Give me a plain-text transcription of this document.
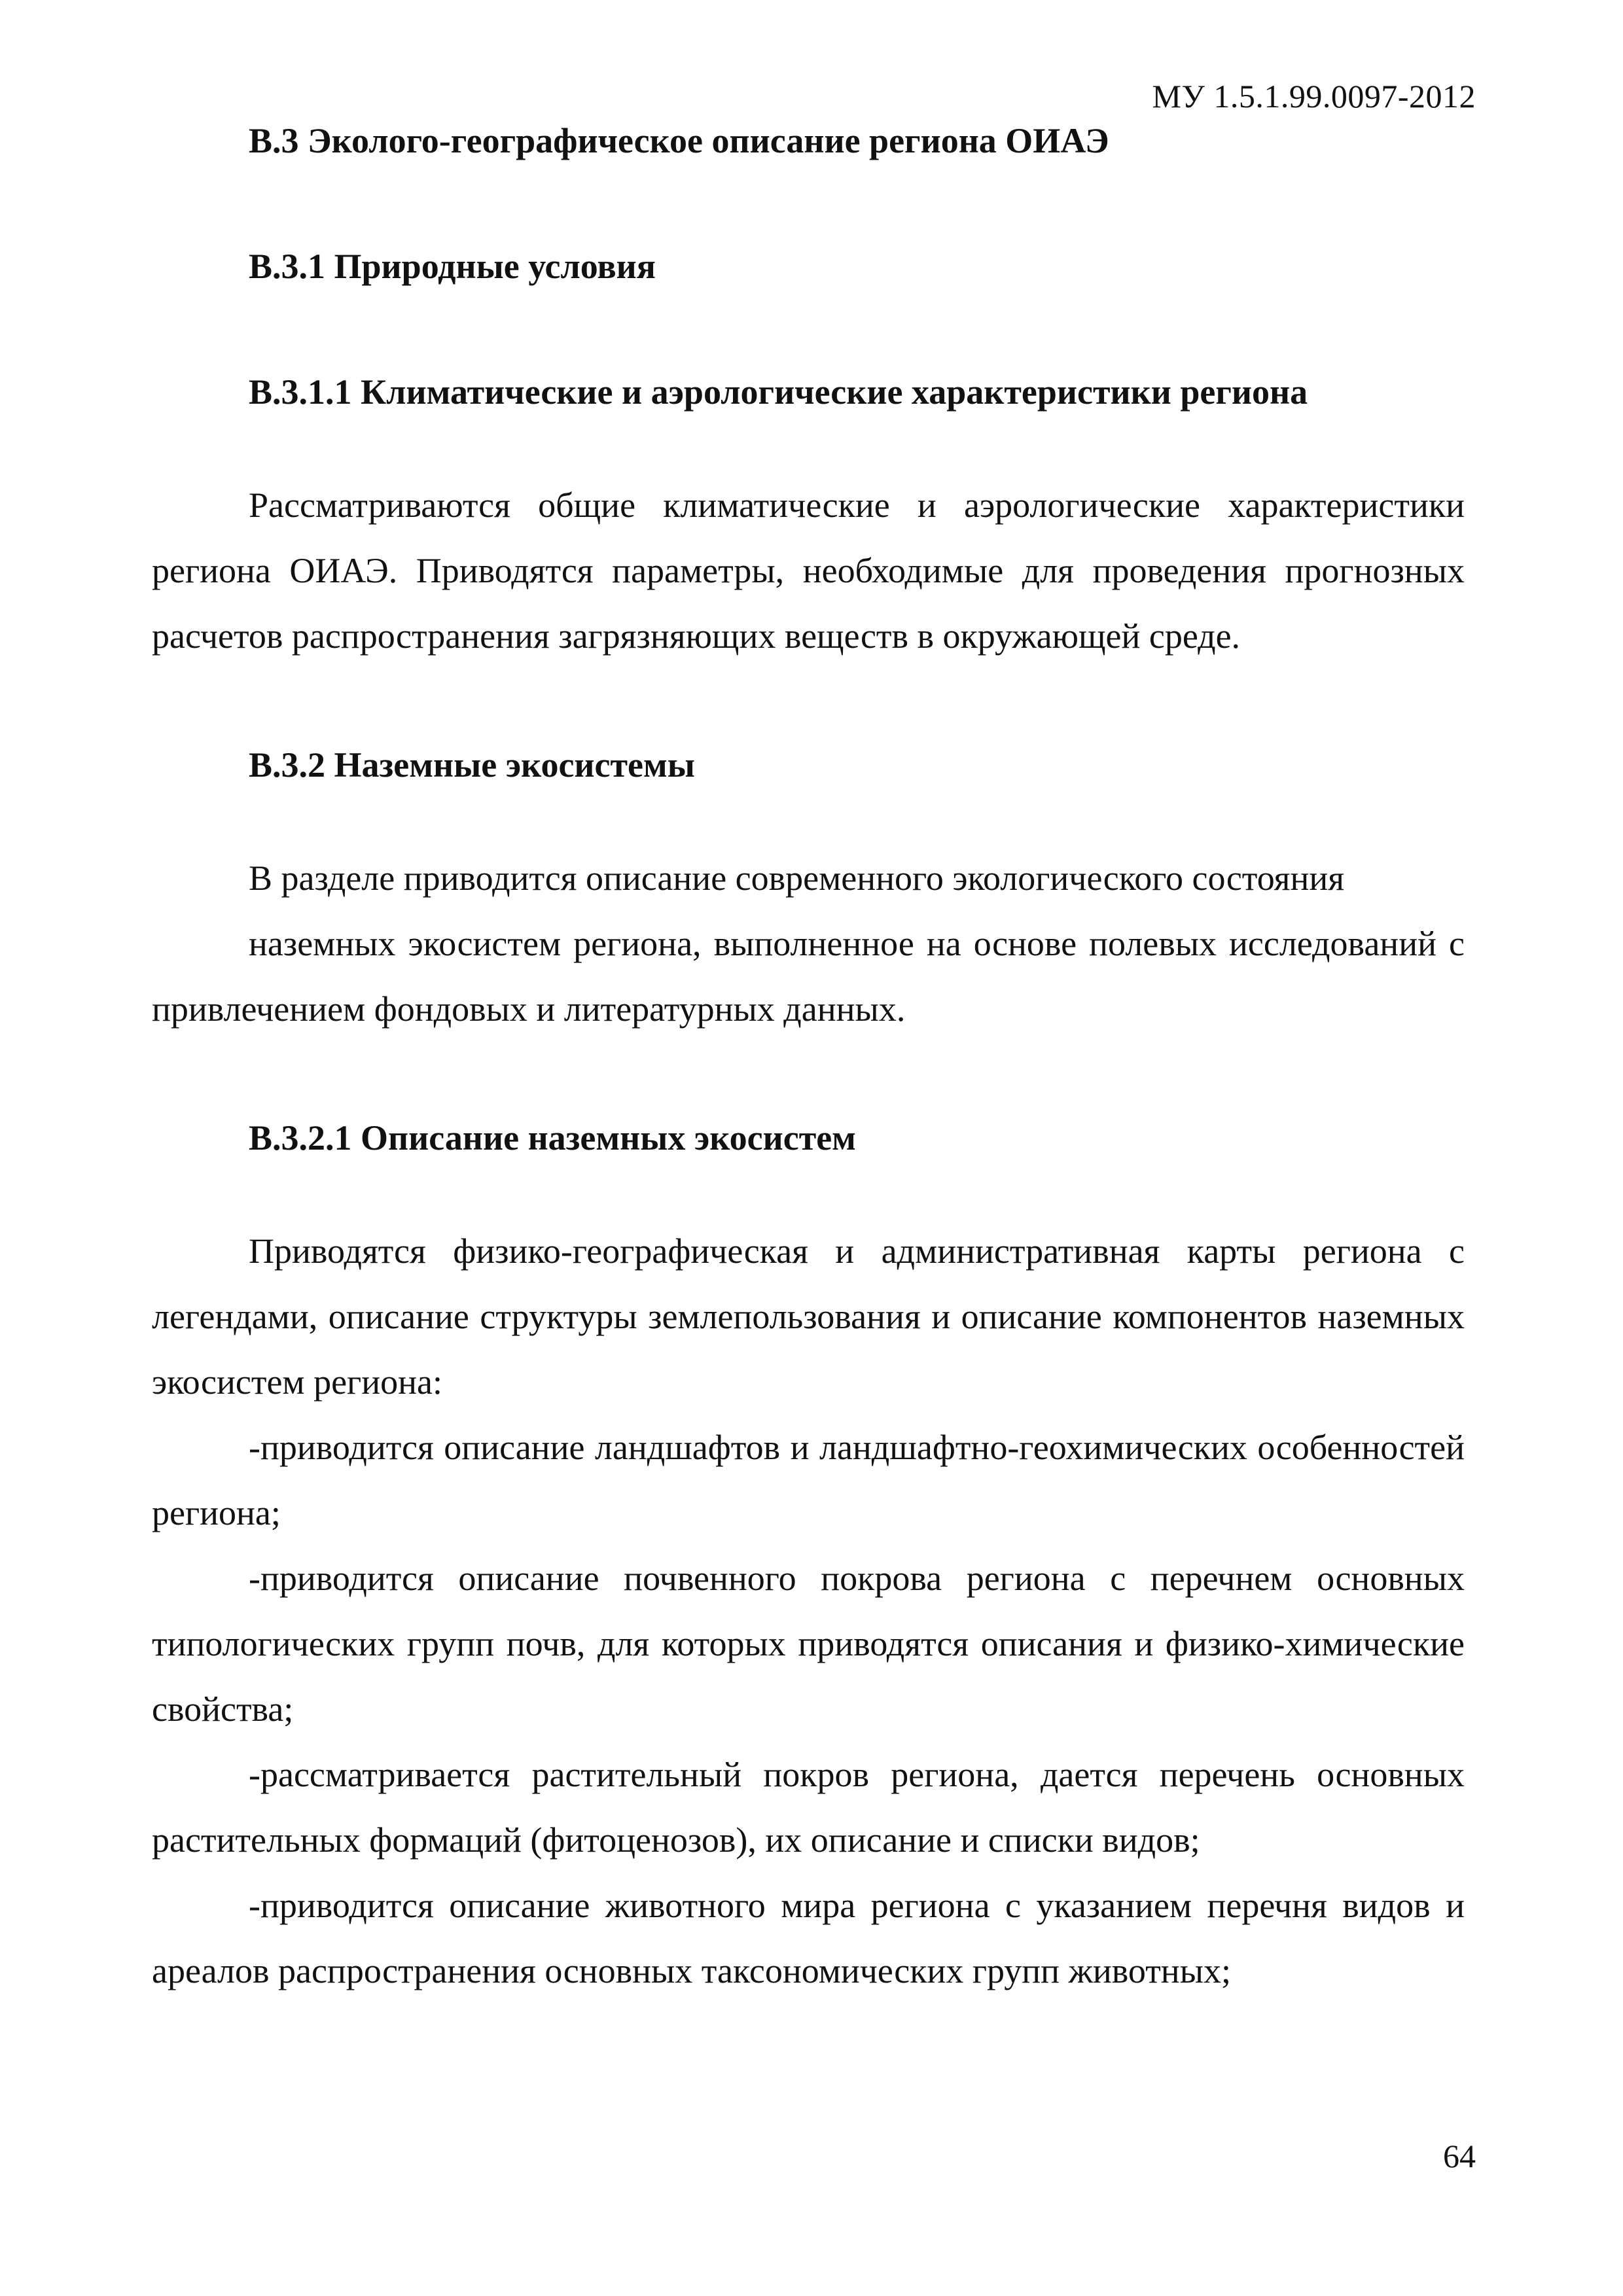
МУ 1.5.1.99.0097-2012
В.3 Эколого-географическое описание региона ОИАЭ
В.3.1 Природные условия
В.3.1.1 Климатические и аэрологические характеристики региона

Рассматриваются общие климатические и аэрологические характеристики региона ОИАЭ. Приводятся параметры, необходимые для проведения прогнозных расчетов распространения загрязняющих веществ в окружающей среде.

В.3.2 Наземные экосистемы

В разделе приводится описание современного экологического состояния

наземных экосистем региона, выполненное на основе полевых исследований с привлечением фондовых и литературных данных.

В.3.2.1 Описание наземных экосистем

Приводятся физико-географическая и административная карты региона с легендами, описание структуры землепользования и описание компонентов наземных экосистем региона:

-приводится описание ландшафтов и ландшафтно-геохимических особенностей региона;

-приводится описание почвенного покрова региона с перечнем основных типологических групп почв, для которых приводятся описания и физико-химические свойства;

-рассматривается растительный покров региона, дается перечень основных растительных формаций (фитоценозов), их описание и списки видов;

-приводится описание животного мира региона с указанием перечня видов и ареалов распространения основных таксономических групп животных;

64
